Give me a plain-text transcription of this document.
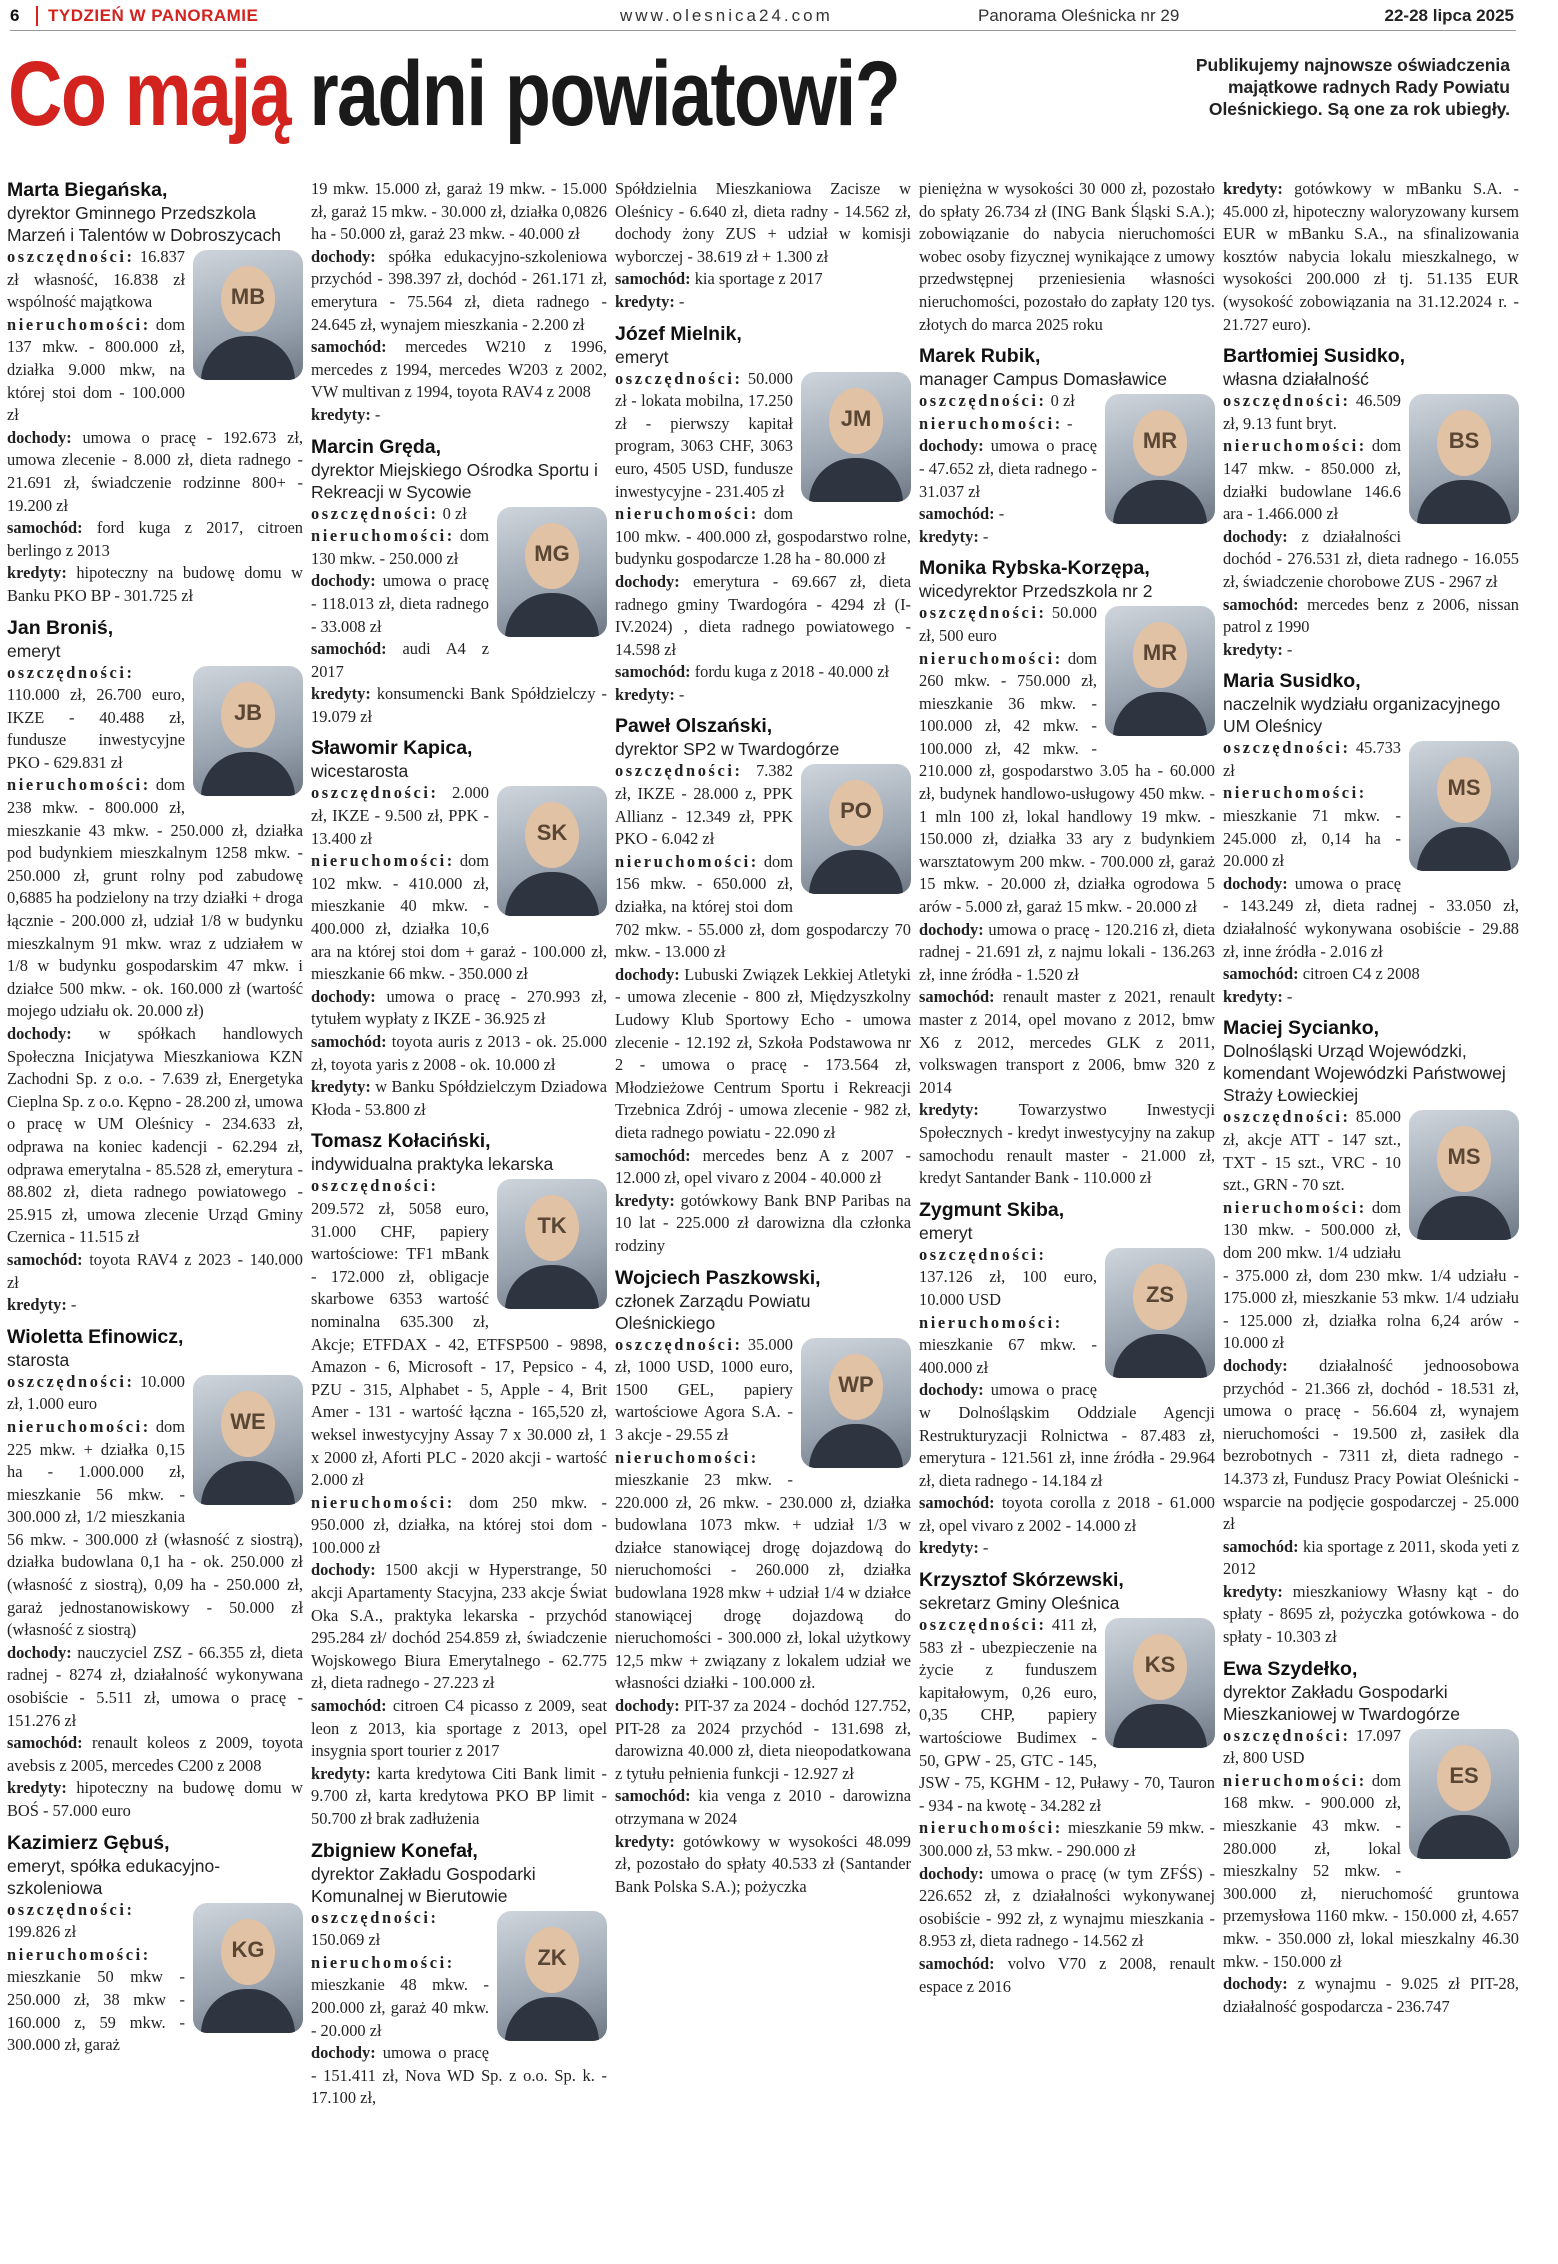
6	TYDZIEŃ W PANORAMIE	www.olesnica24.com	Panorama Oleśnicka nr 29	22-28 lipca 2025
Co mają radni powiatowi?	Publikujemy najnowsze oświadczenia majątkowe radnych Rady Powiatu Oleśnickiego. Są one za rok ubiegły.

Marta Biegańska,

dyrektor Gminnego Przedszkola Marzeń i Talentów w Dobroszycach

MB

oszczędności: 16.837 zł własność, 16.838 zł wspólność majątkowa

nieruchomości: dom 137 mkw. - 800.000 zł, działka 9.000 mkw, na której stoi dom - 100.000 zł

dochody: umowa o pracę - 192.673 zł, umowa zlecenie - 8.000 zł, dieta radnego - 21.691 zł, świadczenie rodzinne 800+ - 19.200 zł

samochód: ford kuga z 2017, citroen berlingo z 2013

kredyty: hipoteczny na budowę domu w Banku PKO BP - 301.725 zł

Jan Broniś,

emeryt

JB

oszczędności: 110.000 zł, 26.700 euro, IKZE - 40.488 zł, fundusze inwestycyjne PKO - 629.831 zł

nieruchomości: dom 238 mkw. - 800.000 zł, mieszkanie 43 mkw. - 250.000 zł, działka pod budynkiem mieszkalnym 1258 mkw. - 250.000 zł, grunt rolny pod zabudowę 0,6885 ha podzielony na trzy działki + droga łącznie - 200.000 zł, udział 1/8 w budynku mieszkalnym 91 mkw. wraz z udziałem w 1/8 w budynku gospodarskim 47 mkw. i działce 500 mkw. - ok. 160.000 zł (wartość mojego udziału ok. 20.000 zł)

dochody: w spółkach handlowych Społeczna Inicjatywa Mieszkaniowa KZN Zachodni Sp. z o.o. - 7.639 zł, Energetyka Cieplna Sp. z o.o. Kępno - 28.200 zł, umowa o pracę w UM Oleśnicy - 234.633 zł, odprawa na koniec kadencji - 62.294 zł, odprawa emerytalna - 85.528 zł, emerytura - 88.802 zł, dieta radnego powiatowego - 25.915 zł, umowa zlecenie Urząd Gminy Czernica - 11.515 zł

samochód: toyota RAV4 z 2023 - 140.000 zł

kredyty: -

Wioletta Efinowicz,

starosta

WE

oszczędności: 10.000 zł, 1.000 euro

nieruchomości: dom 225 mkw. + działka 0,15 ha - 1.000.000 zł, mieszkanie 56 mkw. - 300.000 zł, 1/2 mieszkania 56 mkw. - 300.000 zł (własność z siostrą), działka budowlana 0,1 ha - ok. 250.000 zł (własność z siostrą), 0,09 ha - 250.000 zł, garaż jednostanowiskowy - 50.000 zł (własność z siostrą)

dochody: nauczyciel ZSZ - 66.355 zł, dieta radnej - 8274 zł, działalność wykonywana osobiście - 5.511 zł, umowa o pracę - 151.276 zł

samochód: renault koleos z 2009, toyota avebsis z 2005, mercedes C200 z 2008

kredyty: hipoteczny na budowę domu w BOŚ - 57.000 euro

Kazimierz Gębuś,

emeryt, spółka edukacyjno-szkoleniowa

KG

oszczędności: 199.826 zł

nieruchomości: mieszkanie 50 mkw - 250.000 zł, 38 mkw - 160.000 z, 59 mkw. - 300.000 zł, garaż

19 mkw. 15.000 zł, garaż 19 mkw. - 15.000 zł, garaż 15 mkw. - 30.000 zł, działka 0,0826 ha - 50.000 zł, garaż 23 mkw. - 40.000 zł

dochody: spółka edukacyjno-szkoleniowa przychód - 398.397 zł, dochód - 261.171 zł, emerytura - 75.564 zł, dieta radnego - 24.645 zł, wynajem mieszkania - 2.200 zł

samochód: mercedes W210 z 1996, mercedes z 1994, mercedes W203 z 2002, VW multivan z 1994, toyota RAV4 z 2008

kredyty: -

Marcin Gręda,

dyrektor Miejskiego Ośrodka Sportu i Rekreacji w Sycowie

MG

oszczędności: 0 zł

nieruchomości: dom 130 mkw. - 250.000 zł

dochody: umowa o pracę - 118.013 zł, dieta radnego - 33.008 zł

samochód: audi A4 z 2017

kredyty: konsumencki Bank Spółdzielczy - 19.079 zł

Sławomir Kapica,

wicestarosta

SK

oszczędności: 2.000 zł, IKZE - 9.500 zł, PPK - 13.400 zł

nieruchomości: dom 102 mkw. - 410.000 zł, mieszkanie 40 mkw. - 400.000 zł, działka 10,6 ara na której stoi dom + garaż - 100.000 zł, mieszkanie 66 mkw. - 350.000 zł

dochody: umowa o pracę - 270.993 zł, tytułem wypłaty z IKZE - 36.925 zł

samochód: toyota auris z 2013 - ok. 25.000 zł, toyota yaris z 2008 - ok. 10.000 zł

kredyty: w Banku Spółdzielczym Dziadowa Kłoda - 53.800 zł

Tomasz Kołaciński,

indywidualna praktyka lekarska

TK

oszczędności: 209.572 zł, 5058 euro, 31.000 CHF, papiery wartościowe: TF1 mBank - 172.000 zł, obligacje skarbowe 6353 wartość nominalna 635.300 zł, Akcje; ETFDAX - 42, ETFSP500 - 9898, Amazon - 6, Microsoft - 17, Pepsico - 4, PZU - 315, Alphabet - 5, Apple - 4, Brit Amer - 131 - wartość łączna - 165,520 zł, weksel inwestycyjny Assay 7 x 30.000 zł, 1 x 2000 zł, Aforti PLC - 2020 akcji - wartość 2.000 zł

nieruchomości: dom 250 mkw. - 950.000 zł, działka, na której stoi dom - 100.000 zł

dochody: 1500 akcji w Hyperstrange, 50 akcji Apartamenty Stacyjna, 233 akcje Świat Oka S.A., praktyka lekarska - przychód 295.284 zł/ dochód 254.859 zł, świadczenie Wojskowego Biura Emerytalnego - 62.775 zł, dieta radnego - 27.223 zł

samochód: citroen C4 picasso z 2009, seat leon z 2013, kia sportage z 2013, opel insygnia sport tourier z 2017

kredyty: karta kredytowa Citi Bank limit - 9.700 zł, karta kredytowa PKO BP limit - 50.700 zł brak zadłużenia

Zbigniew Konefał,

dyrektor Zakładu Gospodarki Komunalnej w Bierutowie

ZK

oszczędności: 150.069 zł

nieruchomości: mieszkanie 48 mkw. - 200.000 zł, garaż 40 mkw. - 20.000 zł

dochody: umowa o pracę - 151.411 zł, Nova WD Sp. z o.o. Sp. k. - 17.100 zł,

Spółdzielnia Mieszkaniowa Zacisze w Oleśnicy - 6.640 zł, dieta radny - 14.562 zł, dochody żony ZUS + udział w komisji wyborczej - 38.619 zł + 1.300 zł

samochód: kia sportage z 2017

kredyty: -

Józef Mielnik,

emeryt

JM

oszczędności: 50.000 zł - lokata mobilna, 17.250 zł - pierwszy kapitał program, 3063 CHF, 3063 euro, 4505 USD, fundusze inwestycyjne - 231.405 zł

nieruchomości: dom 100 mkw. - 400.000 zł, gospodarstwo rolne, budynku gospodarcze 1.28 ha - 80.000 zł

dochody: emerytura - 69.667 zł, dieta radnego gminy Twardogóra - 4294 zł (I-IV.2024) , dieta radnego powiatowego - 14.598 zł

samochód: fordu kuga z 2018 - 40.000 zł

kredyty: -

Paweł Olszański,

dyrektor SP2 w Twardogórze

PO

oszczędności: 7.382 zł, IKZE - 28.000 z, PPK Allianz - 12.349 zł, PPK PKO - 6.042 zł

nieruchomości: dom 156 mkw. - 650.000 zł, działka, na której stoi dom 702 mkw. - 55.000 zł, dom gospodarczy 70 mkw. - 13.000 zł

dochody: Lubuski Związek Lekkiej Atletyki - umowa zlecenie - 800 zł, Międzyszkolny Ludowy Klub Sportowy Echo - umowa zlecenie - 12.192 zł, Szkoła Podstawowa nr 2 - umowa o pracę - 173.564 zł, Młodzieżowe Centrum Sportu i Rekreacji Trzebnica Zdrój - umowa zlecenie - 982 zł, dieta radnego powiatu - 22.090 zł

samochód: mercedes benz A z 2007 - 12.000 zł, opel vivaro z 2004 - 40.000 zł

kredyty: gotówkowy Bank BNP Paribas na 10 lat - 225.000 zł darowizna dla członka rodziny

Wojciech Paszkowski,

członek Zarządu Powiatu Oleśnickiego

WP

oszczędności: 35.000 zł, 1000 USD, 1000 euro, 1500 GEL, papiery wartościowe Agora S.A. - 3 akcje - 29.55 zł

nieruchomości: mieszkanie 23 mkw. - 220.000 zł, 26 mkw. - 230.000 zł, działka budowlana 1073 mkw. + udział 1/3 w działce stanowiącej drogę dojazdową do nieruchomości - 260.000 zł, działka budowlana 1928 mkw + udział 1/4 w działce stanowiącej drogę dojazdową do nieruchomości - 300.000 zł, lokal użytkowy 12,5 mkw + związany z lokalem udział we własności działki - 100.000 zł.

dochody: PIT-37 za 2024 - dochód 127.752, PIT-28 za 2024 przychód - 131.698 zł, darowizna 40.000 zł, dieta nieopodatkowana z tytułu pełnienia funkcji - 12.927 zł

samochód: kia venga z 2010 - darowizna otrzymana w 2024

kredyty: gotówkowy w wysokości 48.099 zł, pozostało do spłaty 40.533 zł (Santander Bank Polska S.A.); pożyczka

pieniężna w wysokości 30 000 zł, pozostało do spłaty 26.734 zł (ING Bank Śląski S.A.); zobowiązanie do nabycia nieruchomości wobec osoby fizycznej wynikające z umowy przedwstępnej przeniesienia własności nieruchomości, pozostało do zapłaty 120 tys. złotych do marca 2025 roku

Marek Rubik,

manager Campus Domasławice

MR

oszczędności: 0 zł

nieruchomości: -

dochody: umowa o pracę - 47.652 zł, dieta radnego - 31.037 zł

samochód: -

kredyty: -

Monika Rybska-Korzępa,

wicedyrektor Przedszkola nr 2

MR

oszczędności: 50.000 zł, 500 euro

nieruchomości: dom 260 mkw. - 750.000 zł, mieszkanie 36 mkw. - 100.000 zł, 42 mkw. - 100.000 zł, 42 mkw. - 210.000 zł, gospodarstwo 3.05 ha - 60.000 zł, budynek handlowo-usługowy 450 mkw. - 1 mln 100 zł, lokal handlowy 19 mkw. - 150.000 zł, działka 33 ary z budynkiem warsztatowym 200 mkw. - 700.000 zł, garaż 15 mkw. - 20.000 zł, działka ogrodowa 5 arów - 5.000 zł, garaż 15 mkw. - 20.000 zł

dochody: umowa o pracę - 120.216 zł, dieta radnej - 21.691 zł, z najmu lokali - 136.263 zł, inne źródła - 1.520 zł

samochód: renault master z 2021, renault master z 2014, opel movano z 2012, bmw X6 z 2012, mercedes GLK z 2011, volkswagen transport z 2006, bmw 320 z 2014

kredyty: Towarzystwo Inwestycji Społecznych - kredyt inwestycyjny na zakup samochodu renault master - 21.000 zł, kredyt Santander Bank - 110.000 zł

Zygmunt Skiba,

emeryt

ZS

oszczędności: 137.126 zł, 100 euro, 10.000 USD

nieruchomości: mieszkanie 67 mkw. - 400.000 zł

dochody: umowa o pracę w Dolnośląskim Oddziale Agencji Restrukturyzacji Rolnictwa - 87.483 zł, emerytura - 121.561 zł, inne źródła - 29.964 zł, dieta radnego - 14.184 zł

samochód: toyota corolla z 2018 - 61.000 zł, opel vivaro z 2002 - 14.000 zł

kredyty: -

Krzysztof Skórzewski,

sekretarz Gminy Oleśnica

KS

oszczędności: 411 zł, 583 zł - ubezpieczenie na życie z funduszem kapitałowym, 0,26 euro, 0,35 CHP, papiery wartościowe Budimex - 50, GPW - 25, GTC - 145, JSW - 75, KGHM - 12, Puławy - 70, Tauron - 934 - na kwotę - 34.282 zł

nieruchomości: mieszkanie 59 mkw. - 300.000 zł, 53 mkw. - 290.000 zł

dochody: umowa o pracę (w tym ZFŚS) - 226.652 zł, z działalności wykonywanej osobiście - 992 zł, z wynajmu mieszkania - 8.953 zł, dieta radnego - 14.562 zł

samochód: volvo V70 z 2008, renault espace z 2016

kredyty: gotówkowy w mBanku S.A. - 45.000 zł, hipoteczny waloryzowany kursem EUR w mBanku S.A., na sfinalizowania kosztów nabycia lokalu mieszkalnego, w wysokości 200.000 zł tj. 51.135 EUR (wysokość zobowiązania na 31.12.2024 r. - 21.727 euro).

Bartłomiej Susidko,

własna działalność

BS

oszczędności: 46.509 zł, 9.13 funt bryt.

nieruchomości: dom 147 mkw. - 850.000 zł, działki budowlane 146.6 ara - 1.466.000 zł

dochody: z działalności dochód - 276.531 zł, dieta radnego - 16.055 zł, świadczenie chorobowe ZUS - 2967 zł

samochód: mercedes benz z 2006, nissan patrol z 1990

kredyty: -

Maria Susidko,

naczelnik wydziału organizacyjnego UM Oleśnicy

MS

oszczędności: 45.733 zł

nieruchomości: mieszkanie 71 mkw. - 245.000 zł, 0,14 ha - 20.000 zł

dochody: umowa o pracę - 143.249 zł, dieta radnej - 33.050 zł, działalność wykonywana osobiście - 29.88 zł, inne źródła - 2.016 zł

samochód: citroen C4 z 2008

kredyty: -

Maciej Sycianko,

Dolnośląski Urząd Wojewódzki, komendant Wojewódzki Państwowej Straży Łowieckiej

MS

oszczędności: 85.000 zł, akcje ATT - 147 szt., TXT - 15 szt., VRC - 10 szt., GRN - 70 szt.

nieruchomości: dom 130 mkw. - 500.000 zł, dom 200 mkw. 1/4 udziału - 375.000 zł, dom 230 mkw. 1/4 udziału - 175.000 zł, mieszkanie 53 mkw. 1/4 udziału - 125.000 zł, działka rolna 6,24 arów - 10.000 zł

dochody: działalność jednoosobowa przychód - 21.366 zł, dochód - 18.531 zł, umowa o pracę - 56.604 zł, wynajem nieruchomości - 19.500 zł, zasiłek dla bezrobotnych - 7311 zł, dieta radnego - 14.373 zł, Fundusz Pracy Powiat Oleśnicki - wsparcie na podjęcie gospodarczej - 25.000 zł

samochód: kia sportage z 2011, skoda yeti z 2012

kredyty: mieszkaniowy Własny kąt - do spłaty - 8695 zł, pożyczka gotówkowa - do spłaty - 10.303 zł

Ewa Szydełko,

dyrektor Zakładu Gospodarki Mieszkaniowej w Twardogórze

ES

oszczędności: 17.097 zł, 800 USD

nieruchomości: dom 168 mkw. - 900.000 zł, mieszkanie 43 mkw. - 280.000 zł, lokal mieszkalny 52 mkw. - 300.000 zł, nieruchomość gruntowa przemysłowa 1160 mkw. - 150.000 zł, 4.657 mkw. - 350.000 zł, lokal mieszkalny 46.30 mkw. - 150.000 zł

dochody: z wynajmu - 9.025 zł PIT-28, działalność gospodarcza - 236.747
